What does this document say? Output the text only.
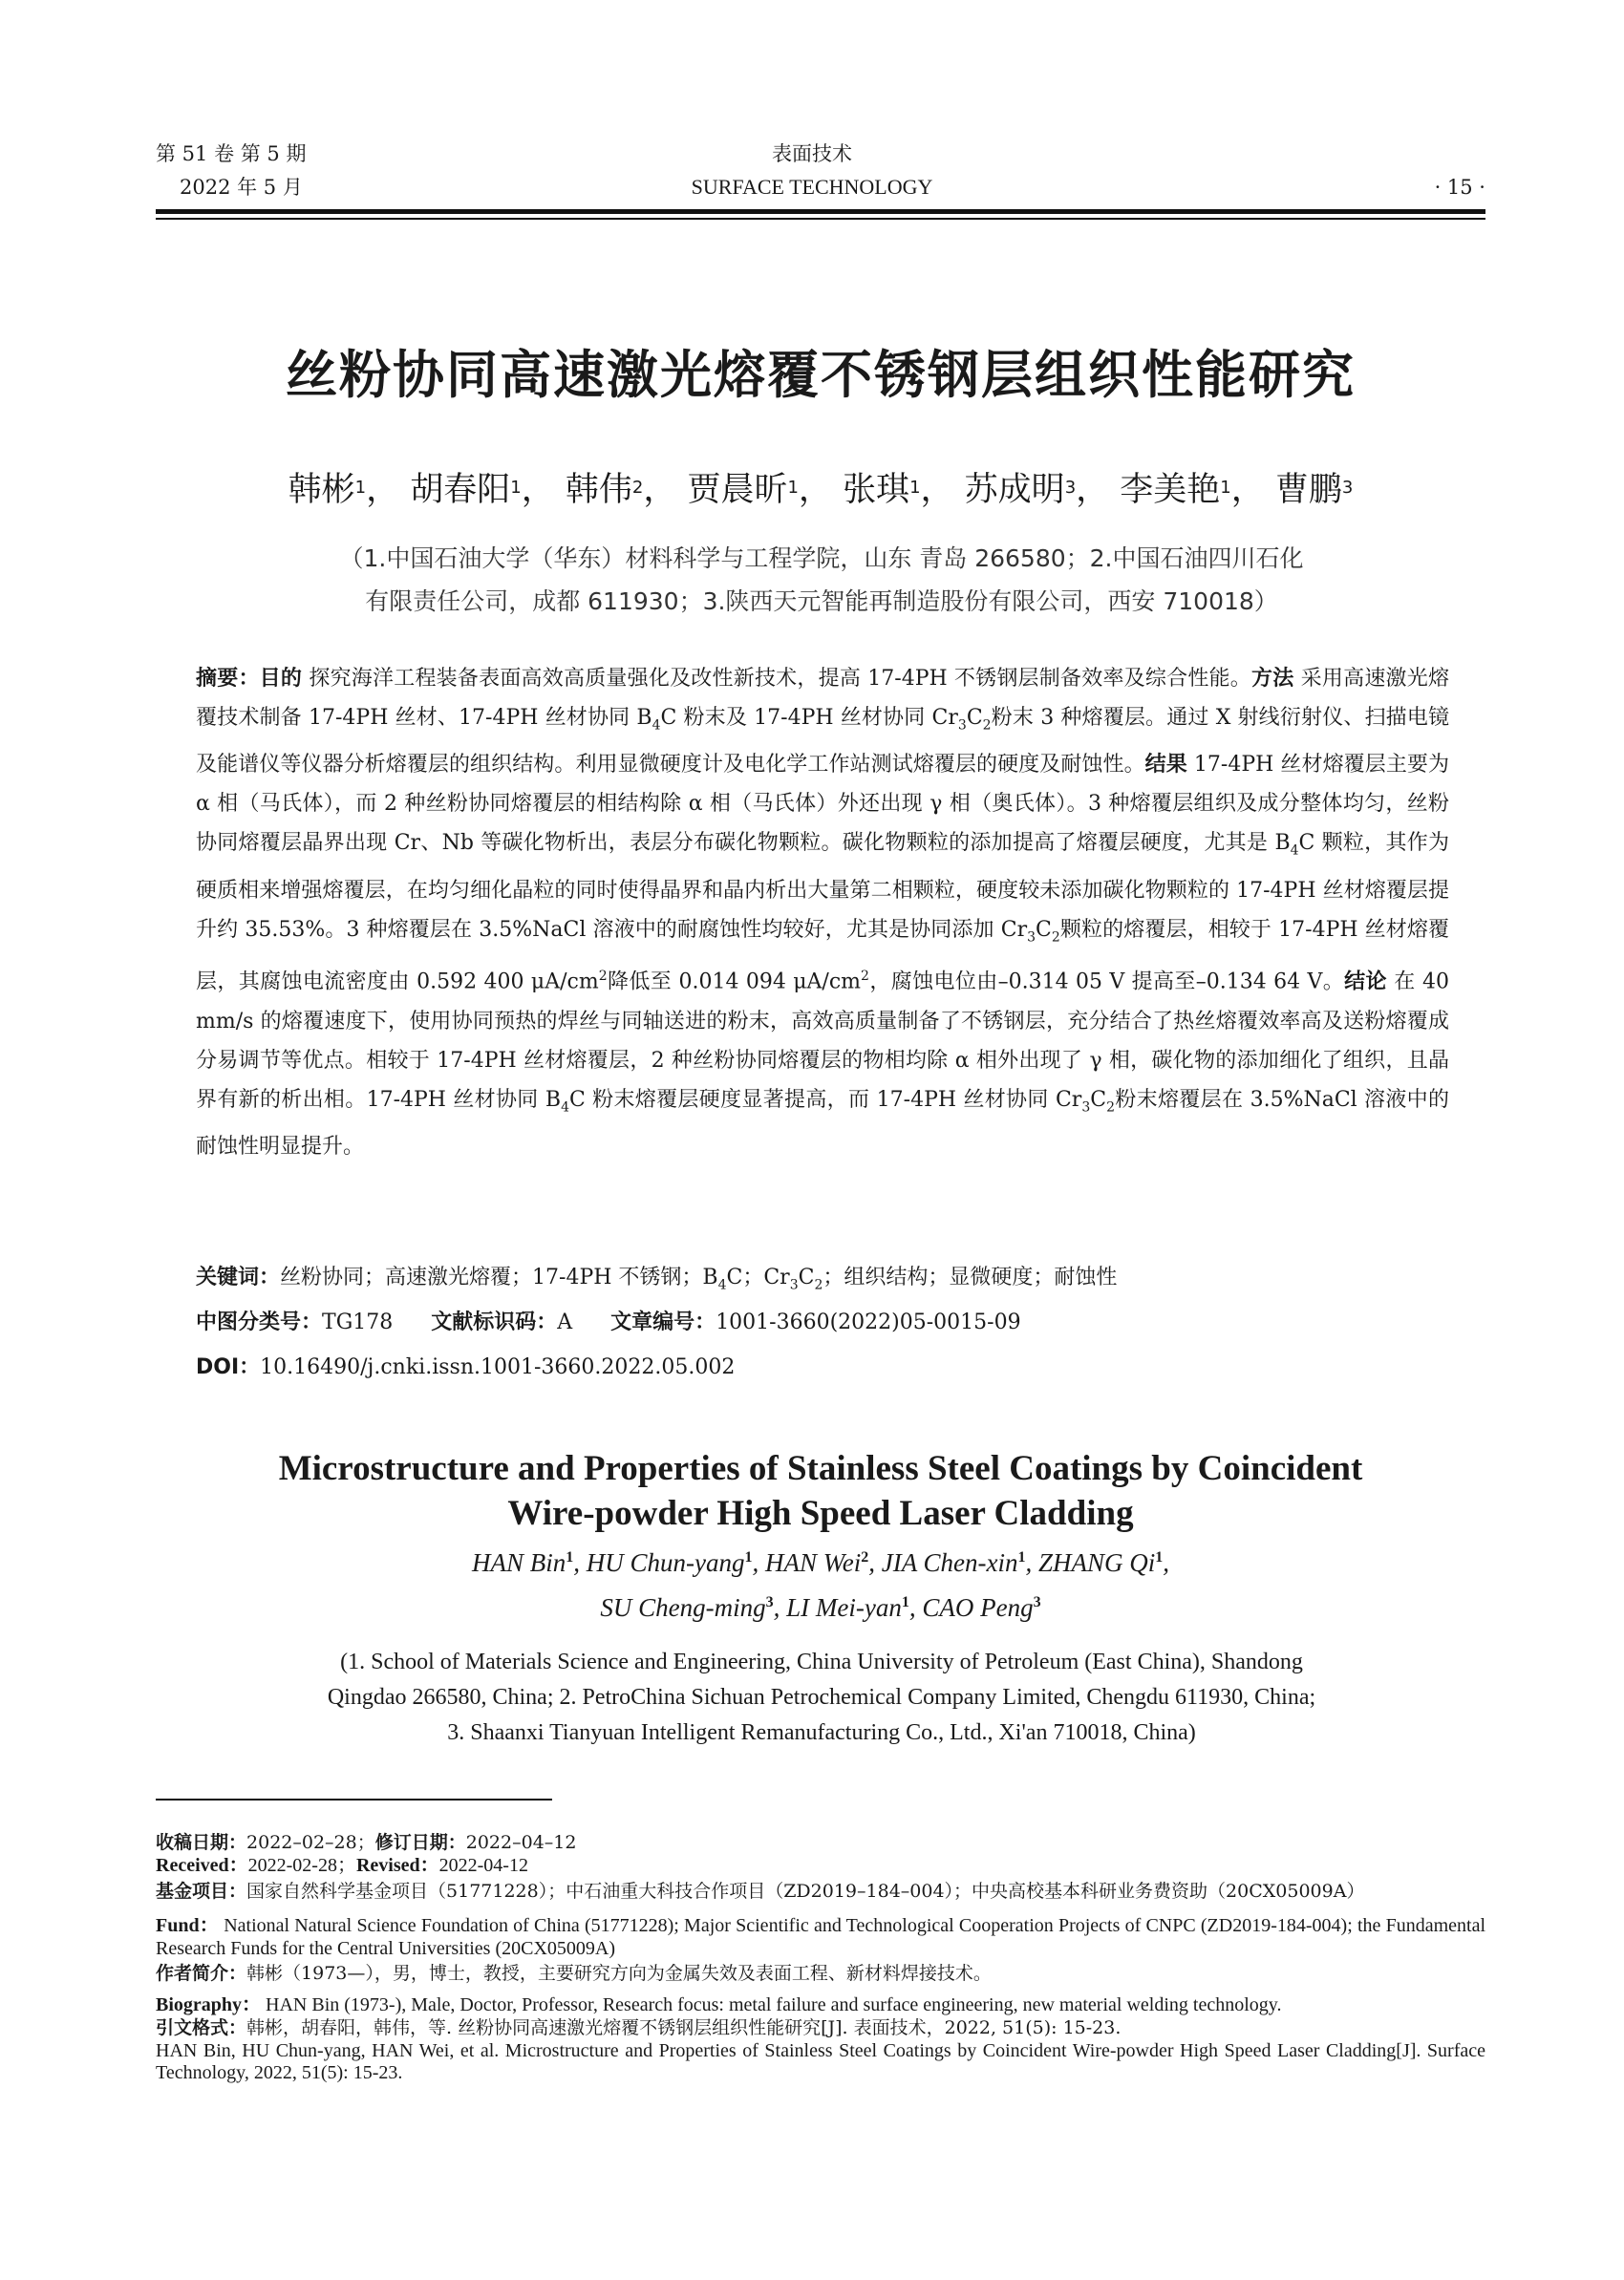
第 51 卷 第 5 期
2022 年 5 月
表面技术
SURFACE TECHNOLOGY	· 15 ·
丝粉协同高速激光熔覆不锈钢层组织性能研究
韩彬$^1$， 胡春阳$^1$， 韩伟$^2$， 贾晨昕$^1$， 张琪$^1$， 苏成明$^3$， 李美艳$^1$， 曹鹏$^3$
（1.中国石油大学（华东）材料科学与工程学院，山东 青岛 266580；2.中国石油四川石化
有限责任公司，成都 611930；3.陕西天元智能再制造股份有限公司，西安 710018）
摘要：目的 探究海洋工程装备表面高效高质量强化及改性新技术，提高 17-4PH 不锈钢层制备效率及综合性能。方法 采用高速激光熔覆技术制备 17-4PH 丝材、17-4PH 丝材协同 $B_4C$ 粉末及 17-4PH 丝材协同 $Cr_3C_2$粉末 3 种熔覆层。通过 X 射线衍射仪、扫描电镜及能谱仪等仪器分析熔覆层的组织结构。利用显微硬度计及电化学工作站测试熔覆层的硬度及耐蚀性。结果 17-4PH 丝材熔覆层主要为 α 相（马氏体），而 2 种丝粉协同熔覆层的相结构除 α 相（马氏体）外还出现 γ 相（奥氏体）。3 种熔覆层组织及成分整体均匀，丝粉协同熔覆层晶界出现 Cr、Nb 等碳化物析出，表层分布碳化物颗粒。碳化物颗粒的添加提高了熔覆层硬度，尤其是 $B_4C$ 颗粒，其作为硬质相来增强熔覆层，在均匀细化晶粒的同时使得晶界和晶内析出大量第二相颗粒，硬度较未添加碳化物颗粒的 17-4PH 丝材熔覆层提升约 35.53%。3 种熔覆层在 3.5%NaCl 溶液中的耐腐蚀性均较好，尤其是协同添加 $Cr_3C_2$颗粒的熔覆层，相较于 17-4PH 丝材熔覆层，其腐蚀电流密度由 0.592 400 $\mu A/cm^2$降低至 0.014 094 $\mu A/cm^2$，腐蚀电位由–0.314 05 V 提高至–0.134 64 V。结论 在 40 mm/s 的熔覆速度下，使用协同预热的焊丝与同轴送进的粉末，高效高质量制备了不锈钢层，充分结合了热丝熔覆效率高及送粉熔覆成分易调节等优点。相较于 17-4PH 丝材熔覆层，2 种丝粉协同熔覆层的物相均除 α 相外出现了 γ 相，碳化物的添加细化了组织，且晶界有新的析出相。17-4PH 丝材协同 $B_4C$ 粉末熔覆层硬度显著提高，而 17-4PH 丝材协同 $Cr_3C_2$粉末熔覆层在 3.5%NaCl 溶液中的耐蚀性明显提升。
关键词：丝粉协同；高速激光熔覆；17-4PH 不锈钢；$B_4C$；$Cr_3C_2$；组织结构；显微硬度；耐蚀性
中图分类号：TG178 文献标识码：A 文章编号：1001-3660(2022)05-0015-09
DOI：10.16490/j.cnki.issn.1001-3660.2022.05.002
Microstructure and Properties of Stainless Steel Coatings by Coincident
Wire-powder High Speed Laser Cladding
HAN Bin$^1$, HU Chun-yang$^1$, HAN Wei$^2$, JIA Chen-xin$^1$, ZHANG Qi$^1$,
SU Cheng-ming$^3$, LI Mei-yan$^1$, CAO Peng$^3$
(1. School of Materials Science and Engineering, China University of Petroleum (East China), Shandong
Qingdao 266580, China; 2. PetroChina Sichuan Petrochemical Company Limited, Chengdu 611930, China;
3. Shaanxi Tianyuan Intelligent Remanufacturing Co., Ltd., Xi'an 710018, China)

收稿日期：2022–02–28；修订日期：2022–04–12

Received：2022-02-28；Revised：2022-04-12

基金项目：国家自然科学基金项目（51771228）；中石油重大科技合作项目（ZD2019–184–004）；中央高校基本科研业务费资助（20CX05009A）

Fund： National Natural Science Foundation of China (51771228); Major Scientific and Technological Cooperation Projects of CNPC (ZD2019-184-004); the Fundamental Research Funds for the Central Universities (20CX05009A)

作者简介：韩彬（1973—），男，博士，教授，主要研究方向为金属失效及表面工程、新材料焊接技术。

Biography： HAN Bin (1973-), Male, Doctor, Professor, Research focus: metal failure and surface engineering, new material welding technology.

引文格式：韩彬，胡春阳，韩伟，等. 丝粉协同高速激光熔覆不锈钢层组织性能研究[J]. 表面技术，2022, 51(5): 15-23.

HAN Bin, HU Chun-yang, HAN Wei, et al. Microstructure and Properties of Stainless Steel Coatings by Coincident Wire-powder High Speed Laser Cladding[J]. Surface Technology, 2022, 51(5): 15-23.
